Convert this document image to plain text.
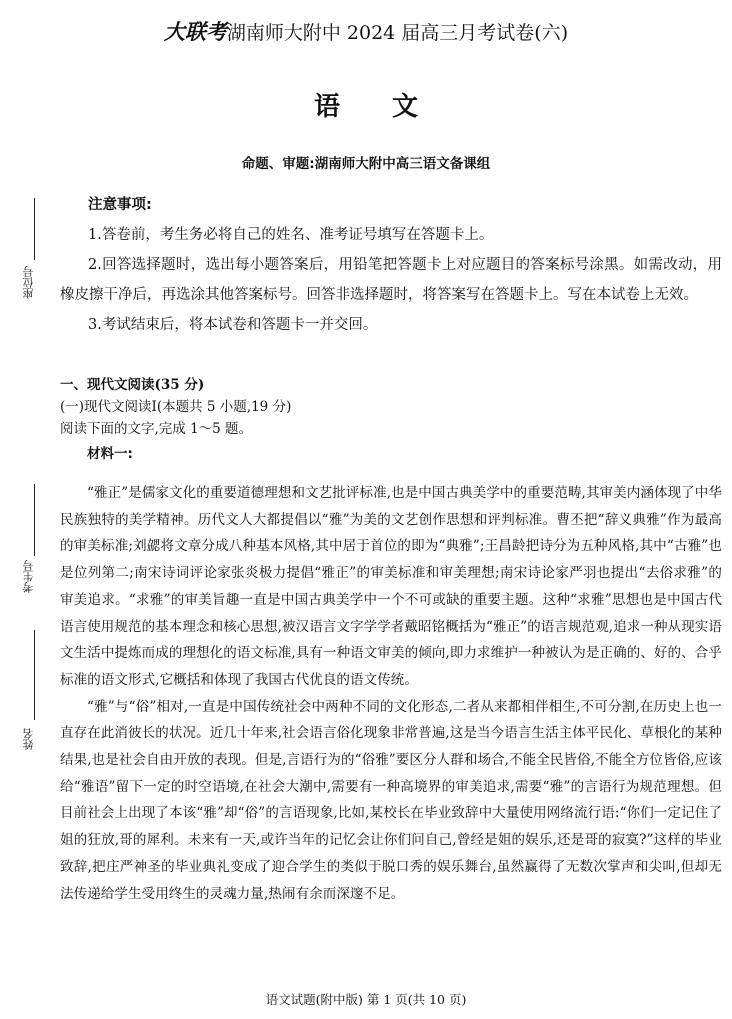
大联考湖南师大附中 2024 届高三月考试卷(六)
语文
命题、审题:湖南师大附中高三语文备课组
座位号
考生号
姓名
注意事项:

1.答卷前，考生务必将自己的姓名、准考证号填写在答题卡上。

2.回答选择题时，选出每小题答案后，用铅笔把答题卡上对应题目的答案标号涂黑。如需改动，用橡皮擦干净后，再选涂其他答案标号。回答非选择题时，将答案写在答题卡上。写在本试卷上无效。

3.考试结束后，将本试卷和答题卡一并交回。

一、现代文阅读(35 分)
(一)现代文阅读Ⅰ(本题共 5 小题,19 分)
阅读下面的文字,完成 1～5 题。
材料一:

“雅正”是儒家文化的重要道德理想和文艺批评标准,也是中国古典美学中的重要范畴,其审美内涵体现了中华民族独特的美学精神。历代文人大都提倡以“雅”为美的文艺创作思想和评判标准。曹丕把“辞义典雅”作为最高的审美标准;刘勰将文章分成八种基本风格,其中居于首位的即为“典雅”;王昌龄把诗分为五种风格,其中“古雅”也是位列第二;南宋诗词评论家张炎极力提倡“雅正”的审美标准和审美理想;南宋诗论家严羽也提出“去俗求雅”的审美追求。“求雅”的审美旨趣一直是中国古典美学中一个不可或缺的重要主题。这种“求雅”思想也是中国古代语言使用规范的基本理念和核心思想,被汉语言文字学学者戴昭铭概括为“雅正”的语言规范观,追求一种从现实语文生活中提炼而成的理想化的语文标准,具有一种语文审美的倾向,即力求维护一种被认为是正确的、好的、合乎标准的语文形式,它概括和体现了我国古代优良的语文传统。

“雅”与“俗”相对,一直是中国传统社会中两种不同的文化形态,二者从来都相伴相生,不可分割,在历史上也一直存在此消彼长的状况。近几十年来,社会语言俗化现象非常普遍,这是当今语言生活主体平民化、草根化的某种结果,也是社会自由开放的表现。但是,言语行为的“俗雅”要区分人群和场合,不能全民皆俗,不能全方位皆俗,应该给“雅语”留下一定的时空语境,在社会大潮中,需要有一种高境界的审美追求,需要“雅”的言语行为规范理想。但目前社会上出现了本该“雅”却“俗”的言语现象,比如,某校长在毕业致辞中大量使用网络流行语:“你们一定记住了姐的狂放,哥的犀利。未来有一天,或许当年的记忆会让你们问自己,曾经是姐的娱乐,还是哥的寂寞?”这样的毕业致辞,把庄严神圣的毕业典礼变成了迎合学生的类似于脱口秀的娱乐舞台,虽然赢得了无数次掌声和尖叫,但却无法传递给学生受用终生的灵魂力量,热闹有余而深邃不足。

语文试题(附中版) 第 1 页(共 10 页)
